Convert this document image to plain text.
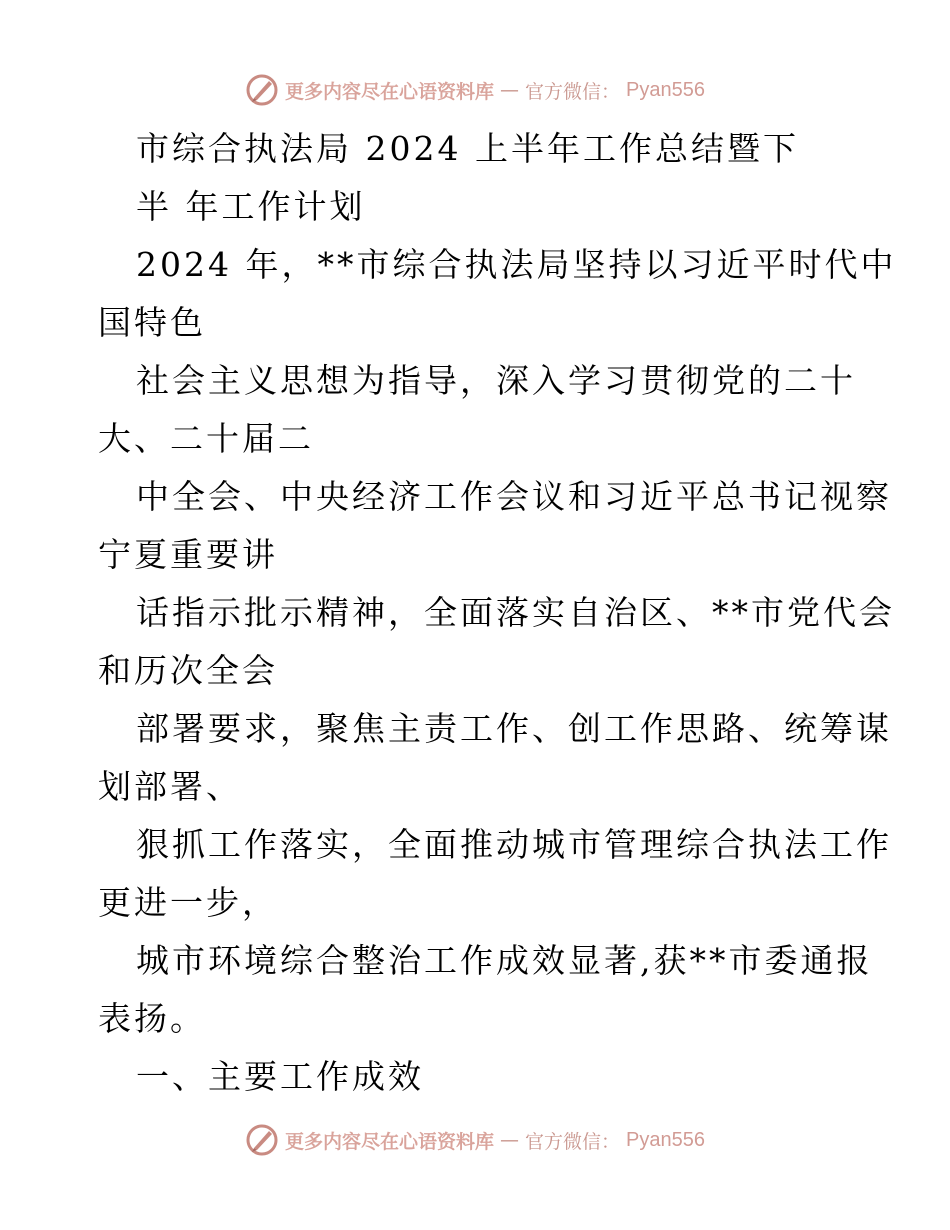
更多内容尽在心语资料库 — 官方微信： Pyan556
市综合执法局 2024 上半年工作总结暨下
半 年工作计划
2024 年，**市综合执法局坚持以习近平时代中
国特色
社会主义思想为指导，深入学习贯彻党的二十
大、二十届二
中全会、中央经济工作会议和习近平总书记视察
宁夏重要讲
话指示批示精神，全面落实自治区、**市党代会
和历次全会
部署要求，聚焦主责工作、创工作思路、统筹谋
划部署、
狠抓工作落实，全面推动城市管理综合执法工作
更进一步，
城市环境综合整治工作成效显著,获**市委通报
表扬。
一、主要工作成效
更多内容尽在心语资料库 — 官方微信： Pyan556
